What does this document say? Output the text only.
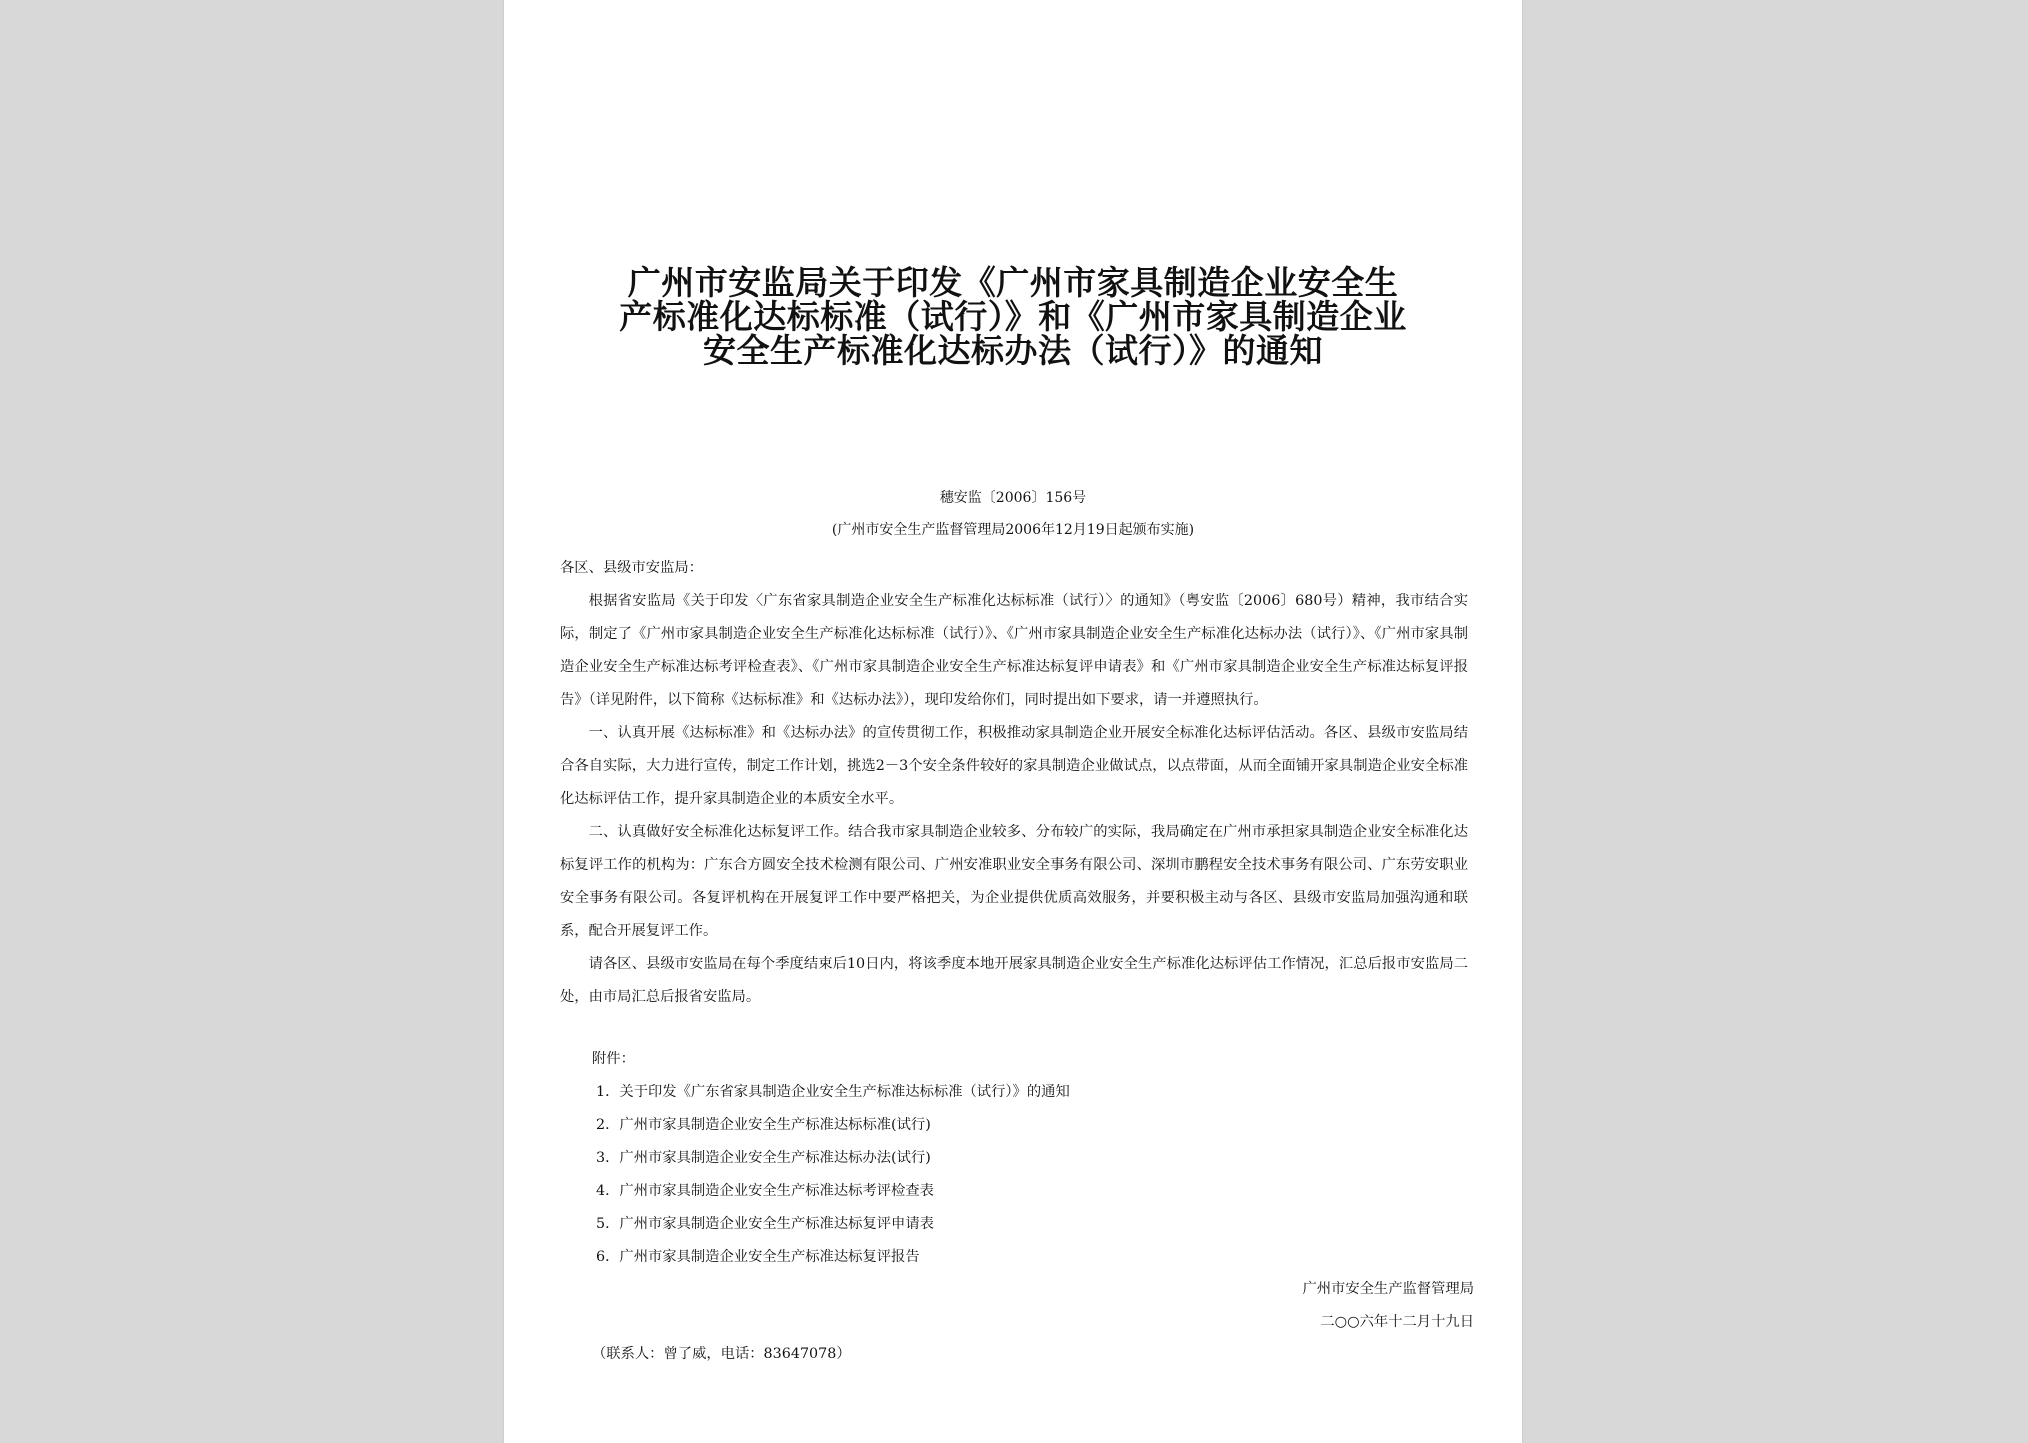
广州市安监局关于印发《广州市家具制造企业安全生
产标准化达标标准（试行）》和《广州市家具制造企业
安全生产标准化达标办法（试行）》的通知
穗安监〔2006〕156号
(广州市安全生产监督管理局2006年12月19日起颁布实施)

各区、县级市安监局：

根据省安监局《关于印发〈广东省家具制造企业安全生产标准化达标标准（试行）〉的通知》（粤安监〔2006〕680号）精神，我市结合实际，制定了《广州市家具制造企业安全生产标准化达标标准（试行）》、《广州市家具制造企业安全生产标准化达标办法（试行）》、《广州市家具制造企业安全生产标准达标考评检查表》、《广州市家具制造企业安全生产标准达标复评申请表》和《广州市家具制造企业安全生产标准达标复评报告》（详见附件，以下简称《达标标准》和《达标办法》），现印发给你们，同时提出如下要求，请一并遵照执行。

一、认真开展《达标标准》和《达标办法》的宣传贯彻工作，积极推动家具制造企业开展安全标准化达标评估活动。各区、县级市安监局结合各自实际，大力进行宣传，制定工作计划，挑选2－3个安全条件较好的家具制造企业做试点，以点带面，从而全面铺开家具制造企业安全标准化达标评估工作，提升家具制造企业的本质安全水平。

二、认真做好安全标准化达标复评工作。结合我市家具制造企业较多、分布较广的实际，我局确定在广州市承担家具制造企业安全标准化达标复评工作的机构为：广东合方圆安全技术检测有限公司、广州安准职业安全事务有限公司、深圳市鹏程安全技术事务有限公司、广东劳安职业安全事务有限公司。各复评机构在开展复评工作中要严格把关，为企业提供优质高效服务，并要积极主动与各区、县级市安监局加强沟通和联系，配合开展复评工作。

请各区、县级市安监局在每个季度结束后10日内，将该季度本地开展家具制造企业安全生产标准化达标评估工作情况，汇总后报市安监局二处，由市局汇总后报省安监局。

附件：
1．关于印发《广东省家具制造企业安全生产标准达标标准（试行）》的通知
2．广州市家具制造企业安全生产标准达标标准(试行)
3．广州市家具制造企业安全生产标准达标办法(试行)
4．广州市家具制造企业安全生产标准达标考评检查表
5．广州市家具制造企业安全生产标准达标复评申请表
6．广州市家具制造企业安全生产标准达标复评报告
广州市安全生产监督管理局
二○○六年十二月十九日
（联系人：曾了威，电话：83647078）
